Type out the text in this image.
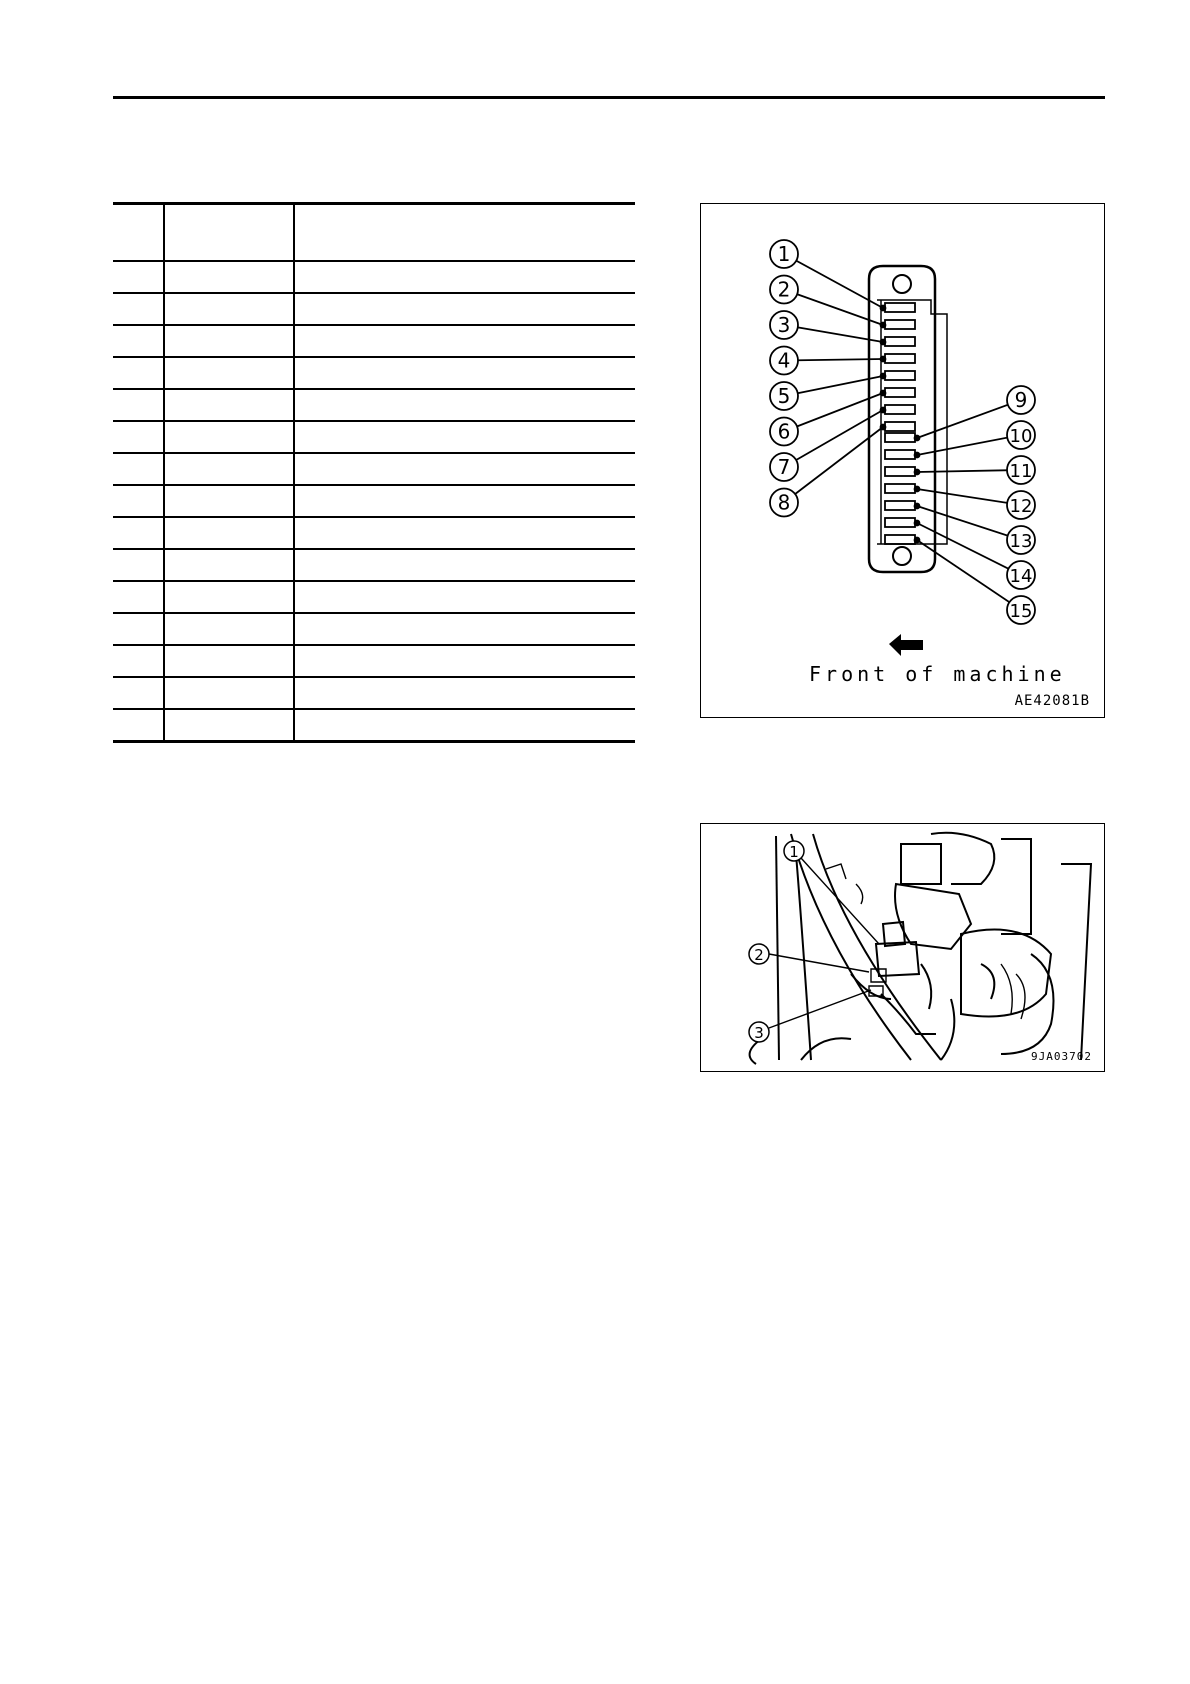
1
2
3
4
5
6
7
8
9
10
11
12
13
14
15
Front of machine
AE42081B
1
2
3
9JA03702
